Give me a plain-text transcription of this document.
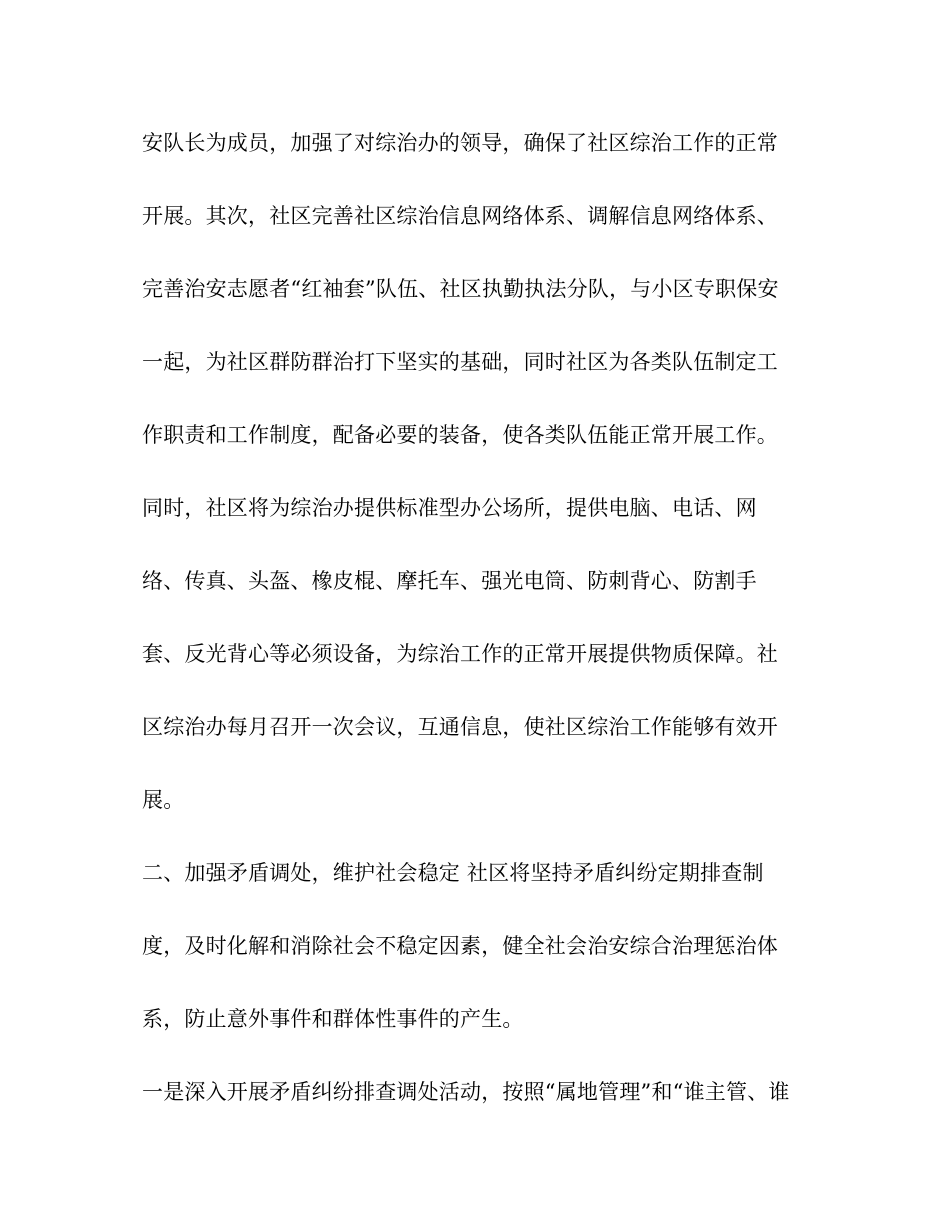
安队长为成员，加强了对综治办的领导，确保了社区综治工作的正常

开展。其次，社区完善社区综治信息网络体系、调解信息网络体系、

完善治安志愿者“红袖套”队伍、社区执勤执法分队，与小区专职保安

一起，为社区群防群治打下坚实的基础，同时社区为各类队伍制定工

作职责和工作制度，配备必要的装备，使各类队伍能正常开展工作。

同时，社区将为综治办提供标准型办公场所，提供电脑、电话、网

络、传真、头盔、橡皮棍、摩托车、强光电筒、防刺背心、防割手

套、反光背心等必须设备，为综治工作的正常开展提供物质保障。社

区综治办每月召开一次会议，互通信息，使社区综治工作能够有效开

展。

二、加强矛盾调处，维护社会稳定 社区将坚持矛盾纠纷定期排查制

度，及时化解和消除社会不稳定因素，健全社会治安综合治理惩治体

系，防止意外事件和群体性事件的产生。

一是深入开展矛盾纠纷排查调处活动，按照“属地管理”和“谁主管、谁
